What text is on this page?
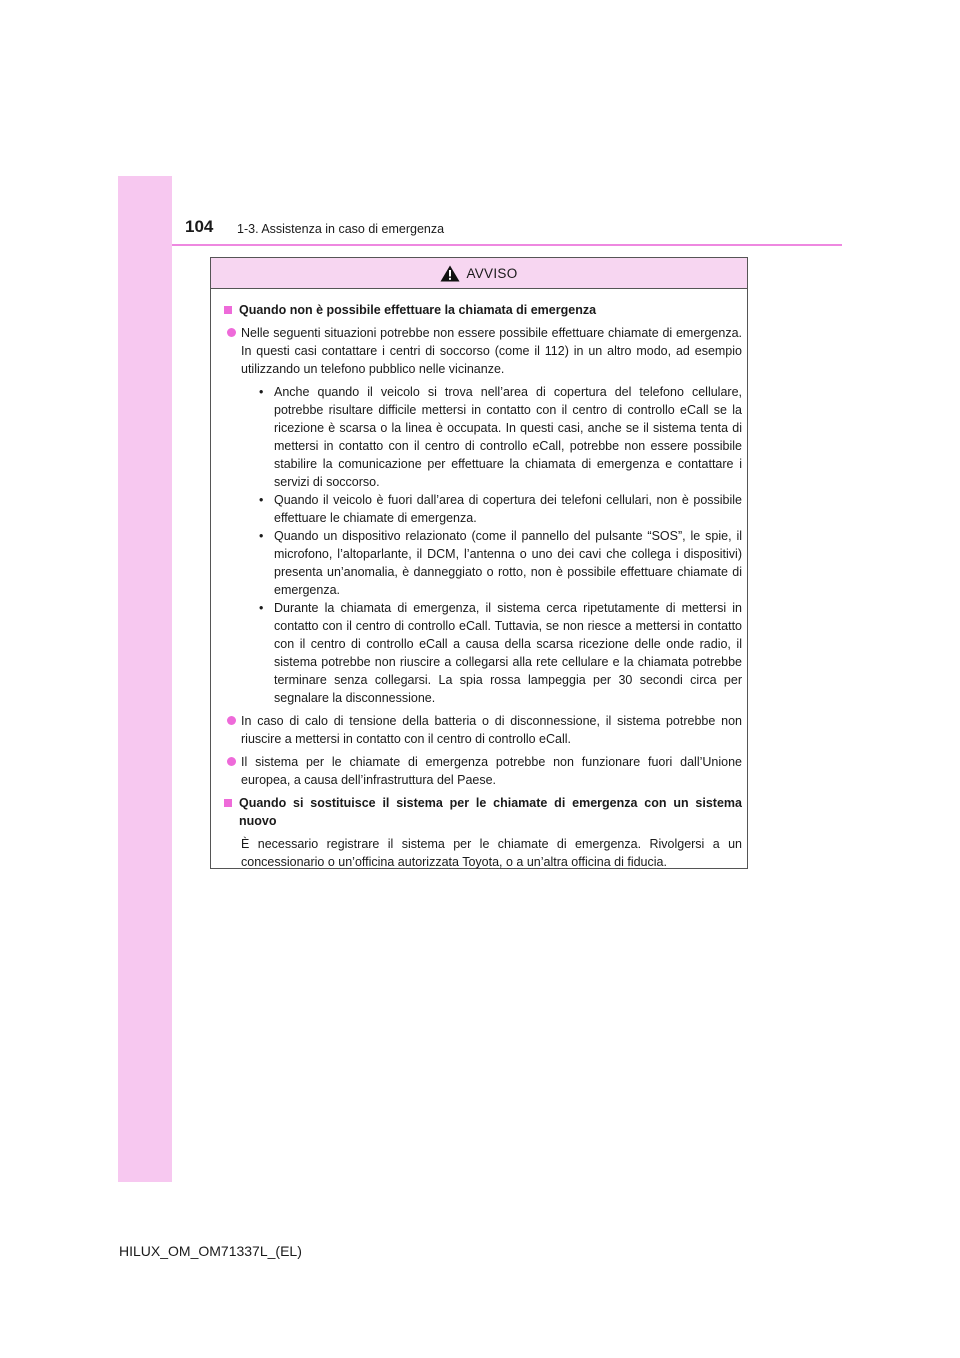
104 1-3. Assistenza in caso di emergenza
AVVISO
Quando non è possibile effettuare la chiamata di emergenza
Nelle seguenti situazioni potrebbe non essere possibile effettuare chiamate di emergenza. In questi casi contattare i centri di soccorso (come il 112) in un altro modo, ad esempio utilizzando un telefono pubblico nelle vicinanze.
• Anche quando il veicolo si trova nell’area di copertura del telefono cellulare, potrebbe risultare difficile mettersi in contatto con il centro di controllo eCall se la ricezione è scarsa o la linea è occupata. In questi casi, anche se il sistema tenta di mettersi in contatto con il centro di controllo eCall, potrebbe non essere possibile stabilire la comunicazione per effettuare la chiamata di emergenza e contattare i servizi di soccorso.
• Quando il veicolo è fuori dall’area di copertura dei telefoni cellulari, non è possibile effettuare le chiamate di emergenza.
• Quando un dispositivo relazionato (come il pannello del pulsante “SOS”, le spie, il microfono, l’altoparlante, il DCM, l’antenna o uno dei cavi che collega i dispositivi) presenta un’anomalia, è danneggiato o rotto, non è possibile effettuare chiamate di emergenza.
• Durante la chiamata di emergenza, il sistema cerca ripetutamente di mettersi in contatto con il centro di controllo eCall. Tuttavia, se non riesce a mettersi in contatto con il centro di controllo eCall a causa della scarsa ricezione delle onde radio, il sistema potrebbe non riuscire a collegarsi alla rete cellulare e la chiamata potrebbe terminare senza collegarsi. La spia rossa lampeggia per 30 secondi circa per segnalare la disconnessione.
In caso di calo di tensione della batteria o di disconnessione, il sistema potrebbe non riuscire a mettersi in contatto con il centro di controllo eCall.
Il sistema per le chiamate di emergenza potrebbe non funzionare fuori dall’Unione europea, a causa dell’infrastruttura del Paese.
Quando si sostituisce il sistema per le chiamate di emergenza con un sistema nuovo
È necessario registrare il sistema per le chiamate di emergenza. Rivolgersi a un concessionario o un’officina autorizzata Toyota, o a un’altra officina di fiducia.
HILUX_OM_OM71337L_(EL)
